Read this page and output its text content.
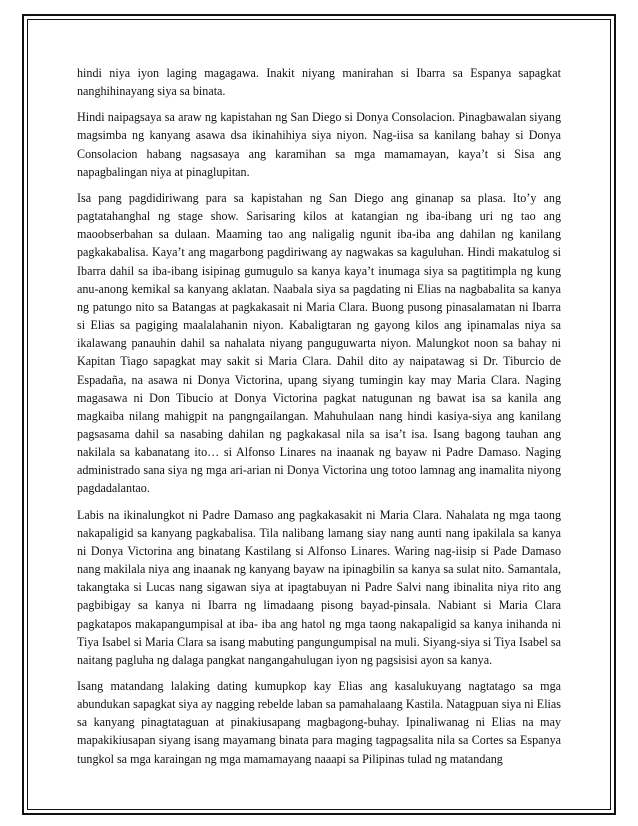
hindi niya iyon laging magagawa. Inakit niyang manirahan si Ibarra sa Espanya sapagkat nanghihinayang siya sa binata.

Hindi naipagsaya sa araw ng kapistahan ng San Diego si Donya Consolacion. Pinagbawalan siyang magsimba ng kanyang asawa dsa ikinahihiya siya niyon. Nag-iisa sa kanilang bahay si Donya Consolacion habang nagsasaya ang karamihan sa mga mamamayan, kaya’t si Sisa ang napagbalingan niya at pinaglupitan.

Isa pang pagdidiriwang para sa kapistahan ng San Diego ang ginanap sa plasa. Ito’y ang pagtatahanghal ng stage show. Sarisaring kilos at katangian ng iba-ibang uri ng tao ang maoobserbahan sa dulaan. Maaming tao ang naligalig ngunit iba-iba ang dahilan ng kanilang pagkakabalisa. Kaya’t ang magarbong pagdiriwang ay nagwakas sa kaguluhan. Hindi makatulog si Ibarra dahil sa iba-ibang isipinag gumugulo sa kanya kaya’t inumaga siya sa pagtitimpla ng kung anu-anong kemikal sa kanyang aklatan. Naabala siya sa pagdating ni Elias na nagbabalita sa kanya ng patungo nito sa Batangas at pagkakasait ni Maria Clara. Buong pusong pinasalamatan ni Ibarra si Elias sa pagiging maalalahanin niyon. Kabaligtaran ng gayong kilos ang ipinamalas niya sa ikalawang panauhin dahil sa nahalata niyang panguguwarta niyon. Malungkot noon sa bahay ni Kapitan Tiago sapagkat may sakit si Maria Clara. Dahil dito ay naipatawag si Dr. Tiburcio de Espadaña, na asawa ni Donya Victorina, upang siyang tumingin kay may Maria Clara. Naging magasawa ni Don Tibucio at Donya Victorina pagkat natugunan ng bawat isa sa kanila ang magkaiba nilang mahigpit na pangngailangan. Mahuhulaan nang hindi kasiya-siya ang kanilang pagsasama dahil sa nasabing dahilan ng pagkakasal nila sa isa’t isa. Isang bagong tauhan ang nakilala sa kabanatang ito… si Alfonso Linares na inaanak ng bayaw ni Padre Damaso. Naging administrado sana siya ng mga ari-arian ni Donya Victorina ung totoo lamnag ang inamalita niyong pagdadalantao.

Labis na ikinalungkot ni Padre Damaso ang pagkakasakit ni Maria Clara. Nahalata ng mga taong nakapaligid sa kanyang pagkabalisa. Tila nalibang lamang siay nang aunti nang ipakilala sa kanya ni Donya Victorina ang binatang Kastilang si Alfonso Linares. Waring nag-iisip si Pade Damaso nang makilala niya ang inaanak ng kanyang bayaw na ipinagbilin sa kanya sa sulat nito. Samantala, takangtaka si Lucas nang sigawan siya at ipagtabuyan ni Padre Salvi nang ibinalita niya rito ang pagbibigay sa kanya ni Ibarra ng limadaang pisong bayad-pinsala. Nabiant si Maria Clara pagkatapos makapangumpisal at iba- iba ang hatol ng mga taong nakapaligid sa kanya inihanda ni Tiya Isabel si Maria Clara sa isang mabuting pangungumpisal na muli. Siyang-siya si Tiya Isabel sa naitang pagluha ng dalaga pangkat nangangahulugan iyon ng pagsisisi ayon sa kanya.

Isang matandang lalaking dating kumupkop kay Elias ang kasalukuyang nagtatago sa mga abundukan sapagkat siya ay nagging rebelde laban sa pamahalaang Kastila. Natagpuan siya ni Elias sa kanyang pinagtataguan at pinakiusapang magbagong-buhay. Ipinaliwanag ni Elias na may mapakikiusapan siyang isang mayamang binata para maging tagpagsalita nila sa Cortes sa Espanya tungkol sa mga karaingan ng mga mamamayang naaapi sa Pilipinas tulad ng matandang
